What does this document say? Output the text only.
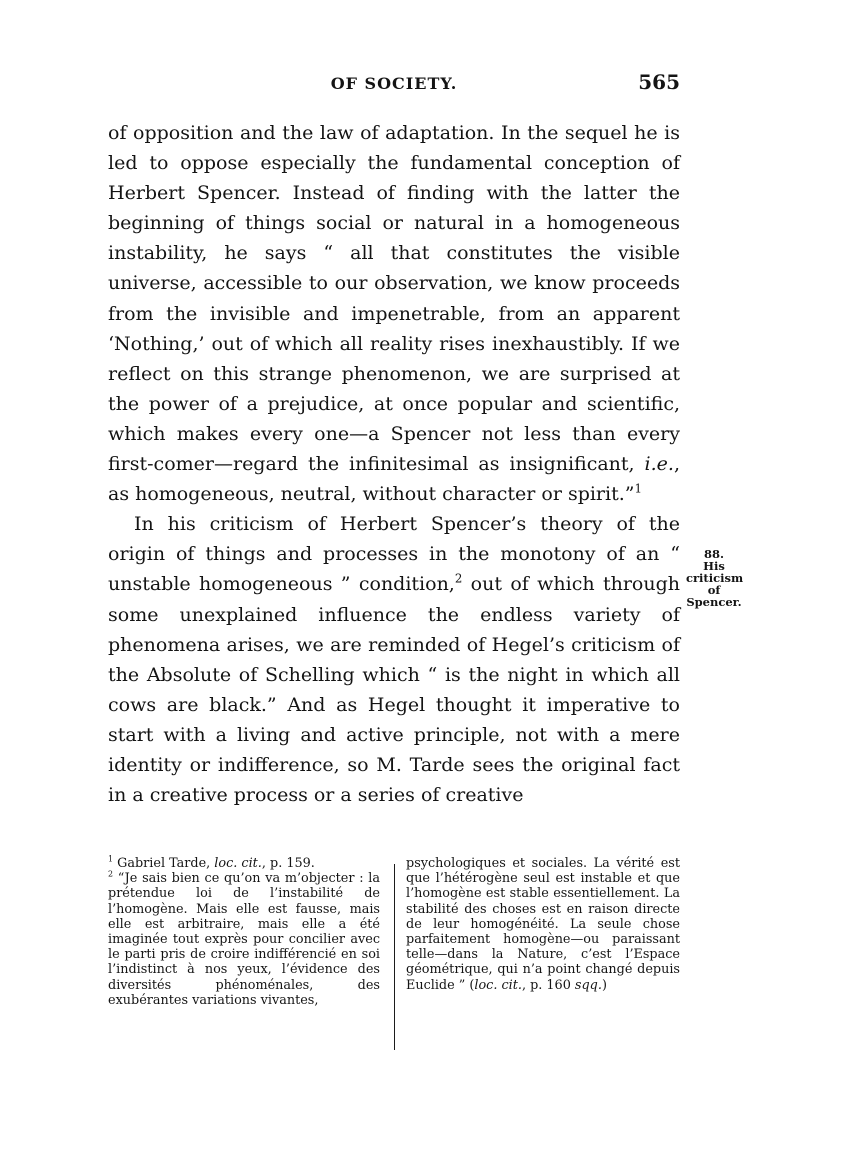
OF SOCIETY.	565

of opposition and the law of adaptation. In the sequel he is led to oppose especially the fundamental conception of Herbert Spencer. Instead of finding with the latter the beginning of things social or natural in a homogeneous instability, he says “ all that constitutes the visible universe, accessible to our observation, we know proceeds from the invisible and impenetrable, from an apparent ‘Nothing,’ out of which all reality rises inexhaustibly. If we reflect on this strange phenomenon, we are surprised at the power of a prejudice, at once popular and scientific, which makes every one—a Spencer not less than every first-comer—regard the infinitesimal as insignificant, i.e., as homogeneous, neutral, without character or spirit.”$^1$

In his criticism of Herbert Spencer’s theory of the origin of things and processes in the monotony of an “ unstable homogeneous ” condition,$^2$ out of which through some unexplained influence the endless variety of phenomena arises, we are reminded of Hegel’s criticism of the Absolute of Schelling which “ is the night in which all cows are black.” And as Hegel thought it imperative to start with a living and active principle, not with a mere identity or indifference, so M. Tarde sees the original fact in a creative process or a series of creative

88.
His criticism of Spencer.

$^1$ Gabriel Tarde, loc. cit., p. 159.

$^2$ “Je sais bien ce qu’on va m’objecter : la prétendue loi de l’instabilité de l’homogène. Mais elle est fausse, mais elle est arbitraire, mais elle a été imaginée tout exprès pour concilier avec le parti pris de croire indifférencié en soi l’indistinct à nos yeux, l’évidence des diversités phénoménales, des exubérantes variations vivantes,

psychologiques et sociales. La vérité est que l’hétérogène seul est instable et que l’homogène est stable essentiellement. La stabilité des choses est en raison directe de leur homogénéité. La seule chose parfaitement homogène—ou paraissant telle—dans la Nature, c’est l’Espace géométrique, qui n’a point changé depuis Euclide ” (loc. cit., p. 160 sqq.)
